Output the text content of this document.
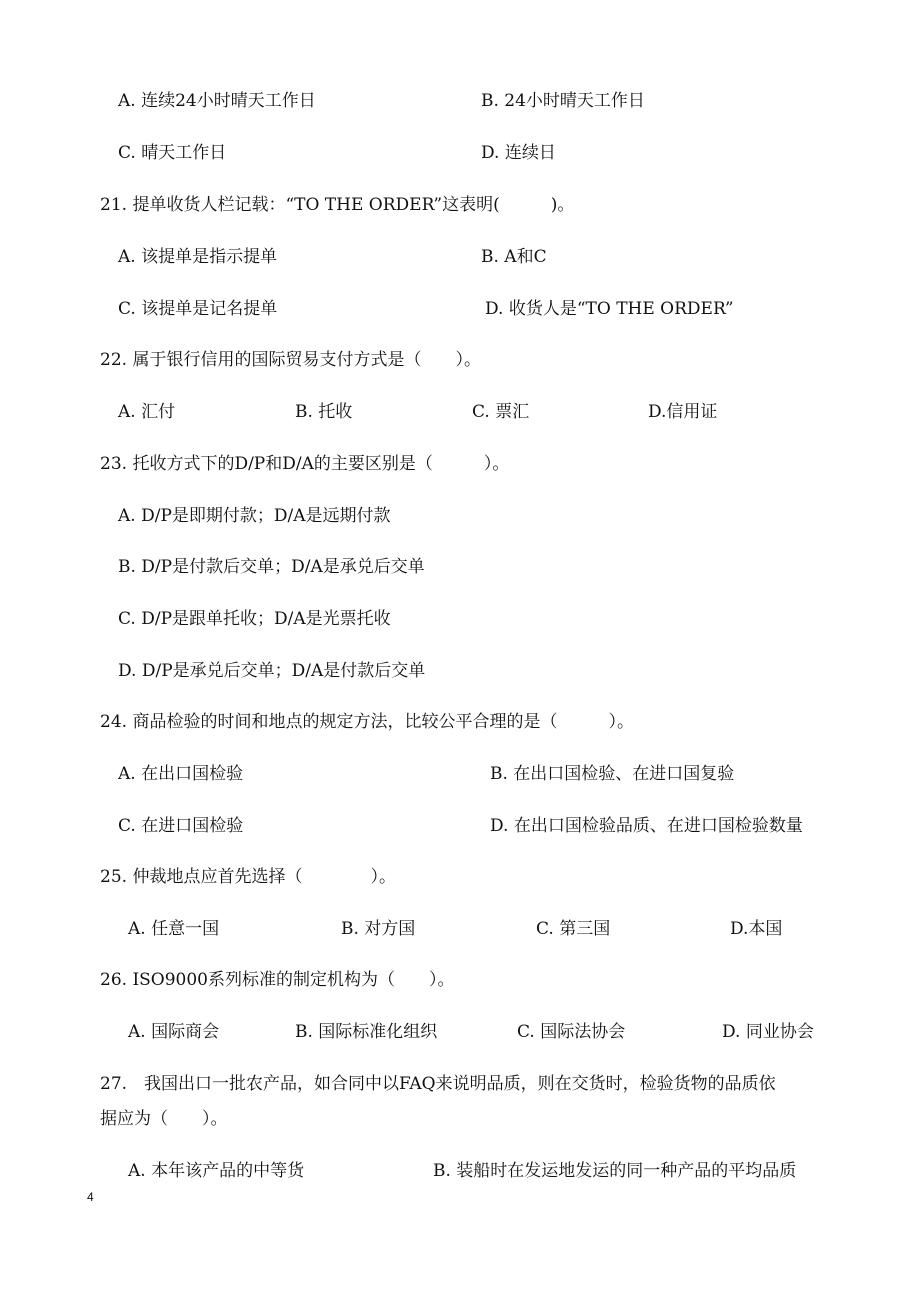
A. 连续24小时晴天工作日	B. 24小时晴天工作日
C. 晴天工作日	D. 连续日
21. 提单收货人栏记载：“TO THE ORDER”这表明(　　　)。
A. 该提单是指示提单	B. A和C
C. 该提单是记名提单	D. 收货人是“TO THE ORDER”
22. 属于银行信用的国际贸易支付方式是（　　）。
A. 汇付	B. 托收	C. 票汇	D.信用证
23. 托收方式下的D/P和D/A的主要区别是（　　　）。
A. D/P是即期付款；D/A是远期付款
B. D/P是付款后交单；D/A是承兑后交单
C. D/P是跟单托收；D/A是光票托收
D. D/P是承兑后交单；D/A是付款后交单
24. 商品检验的时间和地点的规定方法，比较公平合理的是（　　　）。
A. 在出口国检验	B. 在出口国检验、在进口国复验
C. 在进口国检验	D. 在出口国检验品质、在进口国检验数量
25. 仲裁地点应首先选择（　　　　）。
A. 任意一国	B. 对方国	C. 第三国	D.本国
26. ISO9000系列标准的制定机构为（　　）。
A. 国际商会	B. 国际标准化组织	C. 国际法协会	D. 同业协会
27.　我国出口一批农产品，如合同中以FAQ来说明品质，则在交货时，检验货物的品质依
据应为（　　）。
A. 本年该产品的中等货	B. 装船时在发运地发运的同一种产品的平均品质
4
